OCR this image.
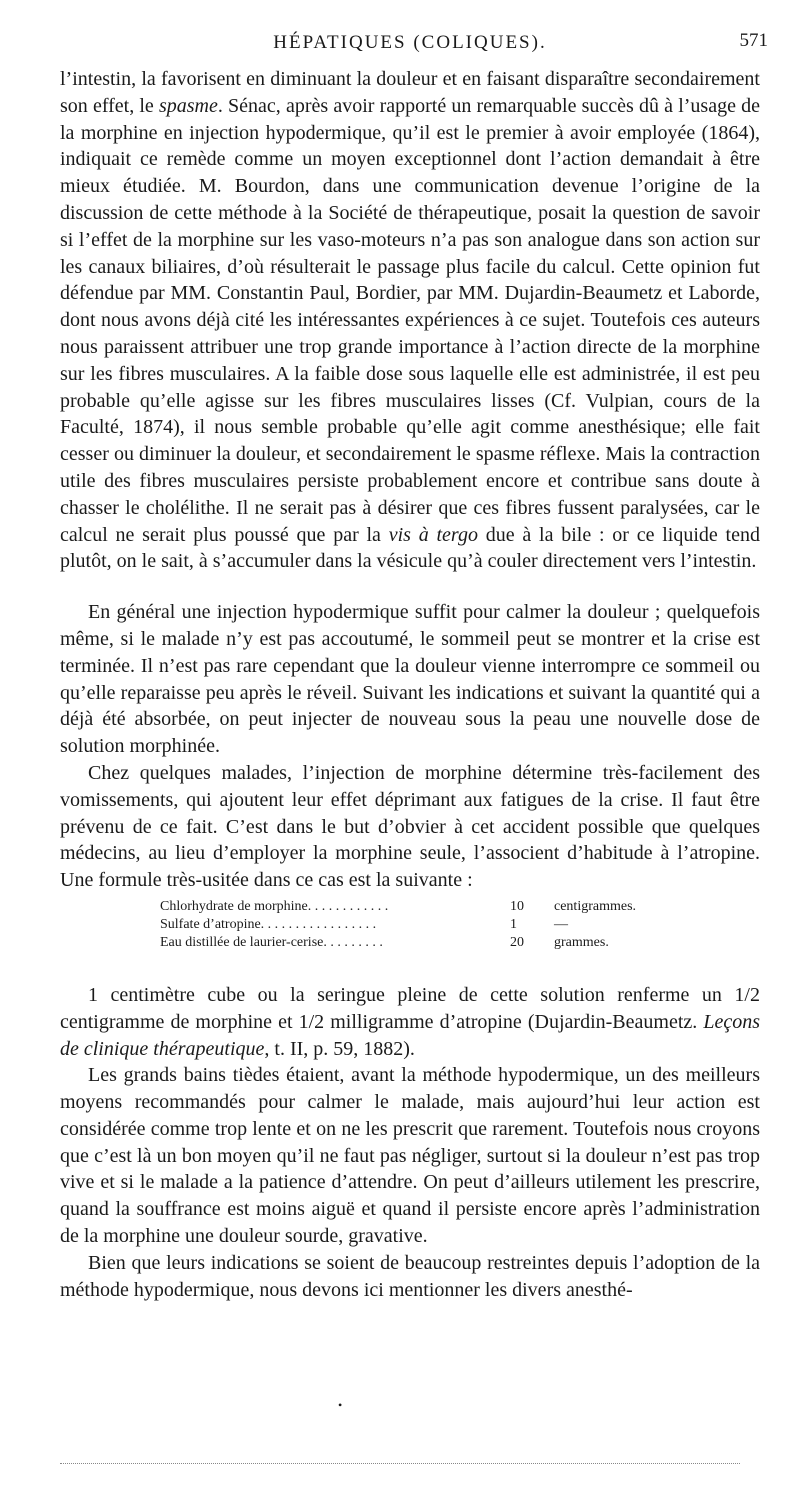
HÉPATIQUES (COLIQUES).	571

l’intestin, la favorisent en diminuant la douleur et en faisant disparaître secondairement son effet, le spasme. Sénac, après avoir rapporté un remarquable succès dû à l’usage de la morphine en injection hypodermique, qu’il est le premier à avoir employée (1864), indiquait ce remède comme un moyen exceptionnel dont l’action demandait à être mieux étudiée. M. Bourdon, dans une communication devenue l’origine de la discussion de cette méthode à la Société de thérapeutique, posait la question de savoir si l’effet de la morphine sur les vaso-moteurs n’a pas son analogue dans son action sur les canaux biliaires, d’où résulterait le passage plus facile du calcul. Cette opinion fut défendue par MM. Constantin Paul, Bordier, par MM. Dujardin-Beaumetz et Laborde, dont nous avons déjà cité les intéressantes expériences à ce sujet. Toutefois ces auteurs nous paraissent attribuer une trop grande importance à l’action directe de la morphine sur les fibres musculaires. A la faible dose sous laquelle elle est administrée, il est peu probable qu’elle agisse sur les fibres musculaires lisses (Cf. Vulpian, cours de la Faculté, 1874), il nous semble probable qu’elle agit comme anesthésique; elle fait cesser ou diminuer la douleur, et secondairement le spasme réflexe. Mais la contraction utile des fibres musculaires persiste probablement encore et contribue sans doute à chasser le cholélithe. Il ne serait pas à désirer que ces fibres fussent paralysées, car le calcul ne serait plus poussé que par la vis à tergo due à la bile : or ce liquide tend plutôt, on le sait, à s’accumuler dans la vésicule qu’à couler directement vers l’intestin.

En général une injection hypodermique suffit pour calmer la douleur ; quelquefois même, si le malade n’y est pas accoutumé, le sommeil peut se montrer et la crise est terminée. Il n’est pas rare cependant que la douleur vienne interrompre ce sommeil ou qu’elle reparaisse peu après le réveil. Suivant les indications et suivant la quantité qui a déjà été absorbée, on peut injecter de nouveau sous la peau une nouvelle dose de solution morphinée.

Chez quelques malades, l’injection de morphine détermine très-facilement des vomissements, qui ajoutent leur effet déprimant aux fatigues de la crise. Il faut être prévenu de ce fait. C’est dans le but d’obvier à cet accident possible que quelques médecins, au lieu d’employer la morphine seule, l’associent d’habitude à l’atropine. Une formule très-usitée dans ce cas est la suivante :

Chlorhydrate de morphine. . . . . . . . . . . .	10	centigrammes.
Sulfate d’atropine. . . . . . . . . . . . . . . . .	1	—
Eau distillée de laurier-cerise. . . . . . . . .	20	grammes.

1 centimètre cube ou la seringue pleine de cette solution renferme un 1/2 centigramme de morphine et 1/2 milligramme d’atropine (Dujardin-Beaumetz. Leçons de clinique thérapeutique, t. II, p. 59, 1882).

Les grands bains tièdes étaient, avant la méthode hypodermique, un des meilleurs moyens recommandés pour calmer le malade, mais aujourd’hui leur action est considérée comme trop lente et on ne les prescrit que rarement. Toutefois nous croyons que c’est là un bon moyen qu’il ne faut pas négliger, surtout si la douleur n’est pas trop vive et si le malade a la patience d’attendre. On peut d’ailleurs utilement les prescrire, quand la souffrance est moins aiguë et quand il persiste encore après l’administration de la morphine une douleur sourde, gravative.

Bien que leurs indications se soient de beaucoup restreintes depuis l’adoption de la méthode hypodermique, nous devons ici mentionner les divers anesthé-

•
